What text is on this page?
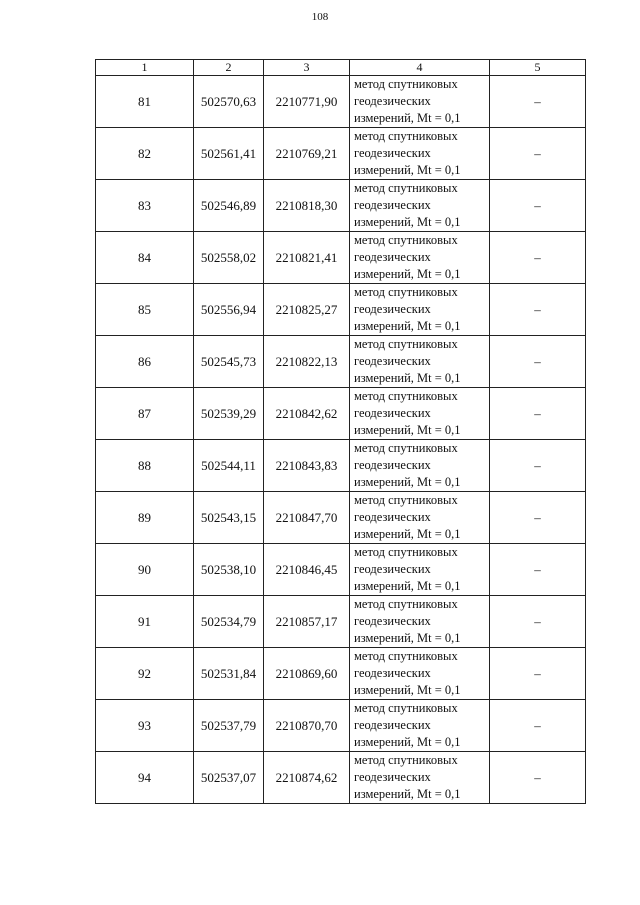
108
1	2	3	4	5
81	502570,63	2210771,90	метод спутниковых
геодезических
измерений, Mt = 0,1	–
82	502561,41	2210769,21	метод спутниковых
геодезических
измерений, Mt = 0,1	–
83	502546,89	2210818,30	метод спутниковых
геодезических
измерений, Mt = 0,1	–
84	502558,02	2210821,41	метод спутниковых
геодезических
измерений, Mt = 0,1	–
85	502556,94	2210825,27	метод спутниковых
геодезических
измерений, Mt = 0,1	–
86	502545,73	2210822,13	метод спутниковых
геодезических
измерений, Mt = 0,1	–
87	502539,29	2210842,62	метод спутниковых
геодезических
измерений, Mt = 0,1	–
88	502544,11	2210843,83	метод спутниковых
геодезических
измерений, Mt = 0,1	–
89	502543,15	2210847,70	метод спутниковых
геодезических
измерений, Mt = 0,1	–
90	502538,10	2210846,45	метод спутниковых
геодезических
измерений, Mt = 0,1	–
91	502534,79	2210857,17	метод спутниковых
геодезических
измерений, Mt = 0,1	–
92	502531,84	2210869,60	метод спутниковых
геодезических
измерений, Mt = 0,1	–
93	502537,79	2210870,70	метод спутниковых
геодезических
измерений, Mt = 0,1	–
94	502537,07	2210874,62	метод спутниковых
геодезических
измерений, Mt = 0,1	–
